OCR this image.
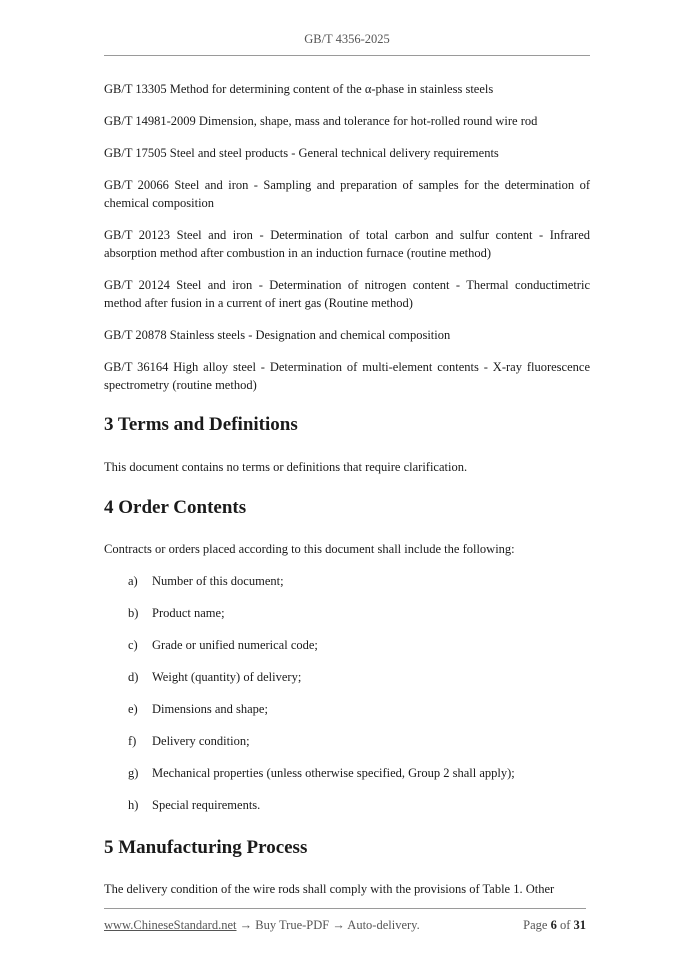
GB/T 4356-2025

GB/T 13305 Method for determining content of the α-phase in stainless steels

GB/T 14981-2009 Dimension, shape, mass and tolerance for hot-rolled round wire rod

GB/T 17505 Steel and steel products - General technical delivery requirements

GB/T 20066 Steel and iron - Sampling and preparation of samples for the determination of chemical composition

GB/T 20123 Steel and iron - Determination of total carbon and sulfur content - Infrared absorption method after combustion in an induction furnace (routine method)

GB/T 20124 Steel and iron - Determination of nitrogen content - Thermal conductimetric method after fusion in a current of inert gas (Routine method)

GB/T 20878 Stainless steels - Designation and chemical composition

GB/T 36164 High alloy steel - Determination of multi-element contents - X-ray fluorescence spectrometry (routine method)

3 Terms and Definitions

This document contains no terms or definitions that require clarification.

4 Order Contents

Contracts or orders placed according to this document shall include the following:

a)	Number of this document;
b)	Product name;
c)	Grade or unified numerical code;
d)	Weight (quantity) of delivery;
e)	Dimensions and shape;
f)	Delivery condition;
g)	Mechanical properties (unless otherwise specified, Group 2 shall apply);
h)	Special requirements.
5 Manufacturing Process

The delivery condition of the wire rods shall comply with the provisions of Table 1. Other

www.ChineseStandard.net → Buy True-PDF → Auto-delivery.	Page 6 of 31
